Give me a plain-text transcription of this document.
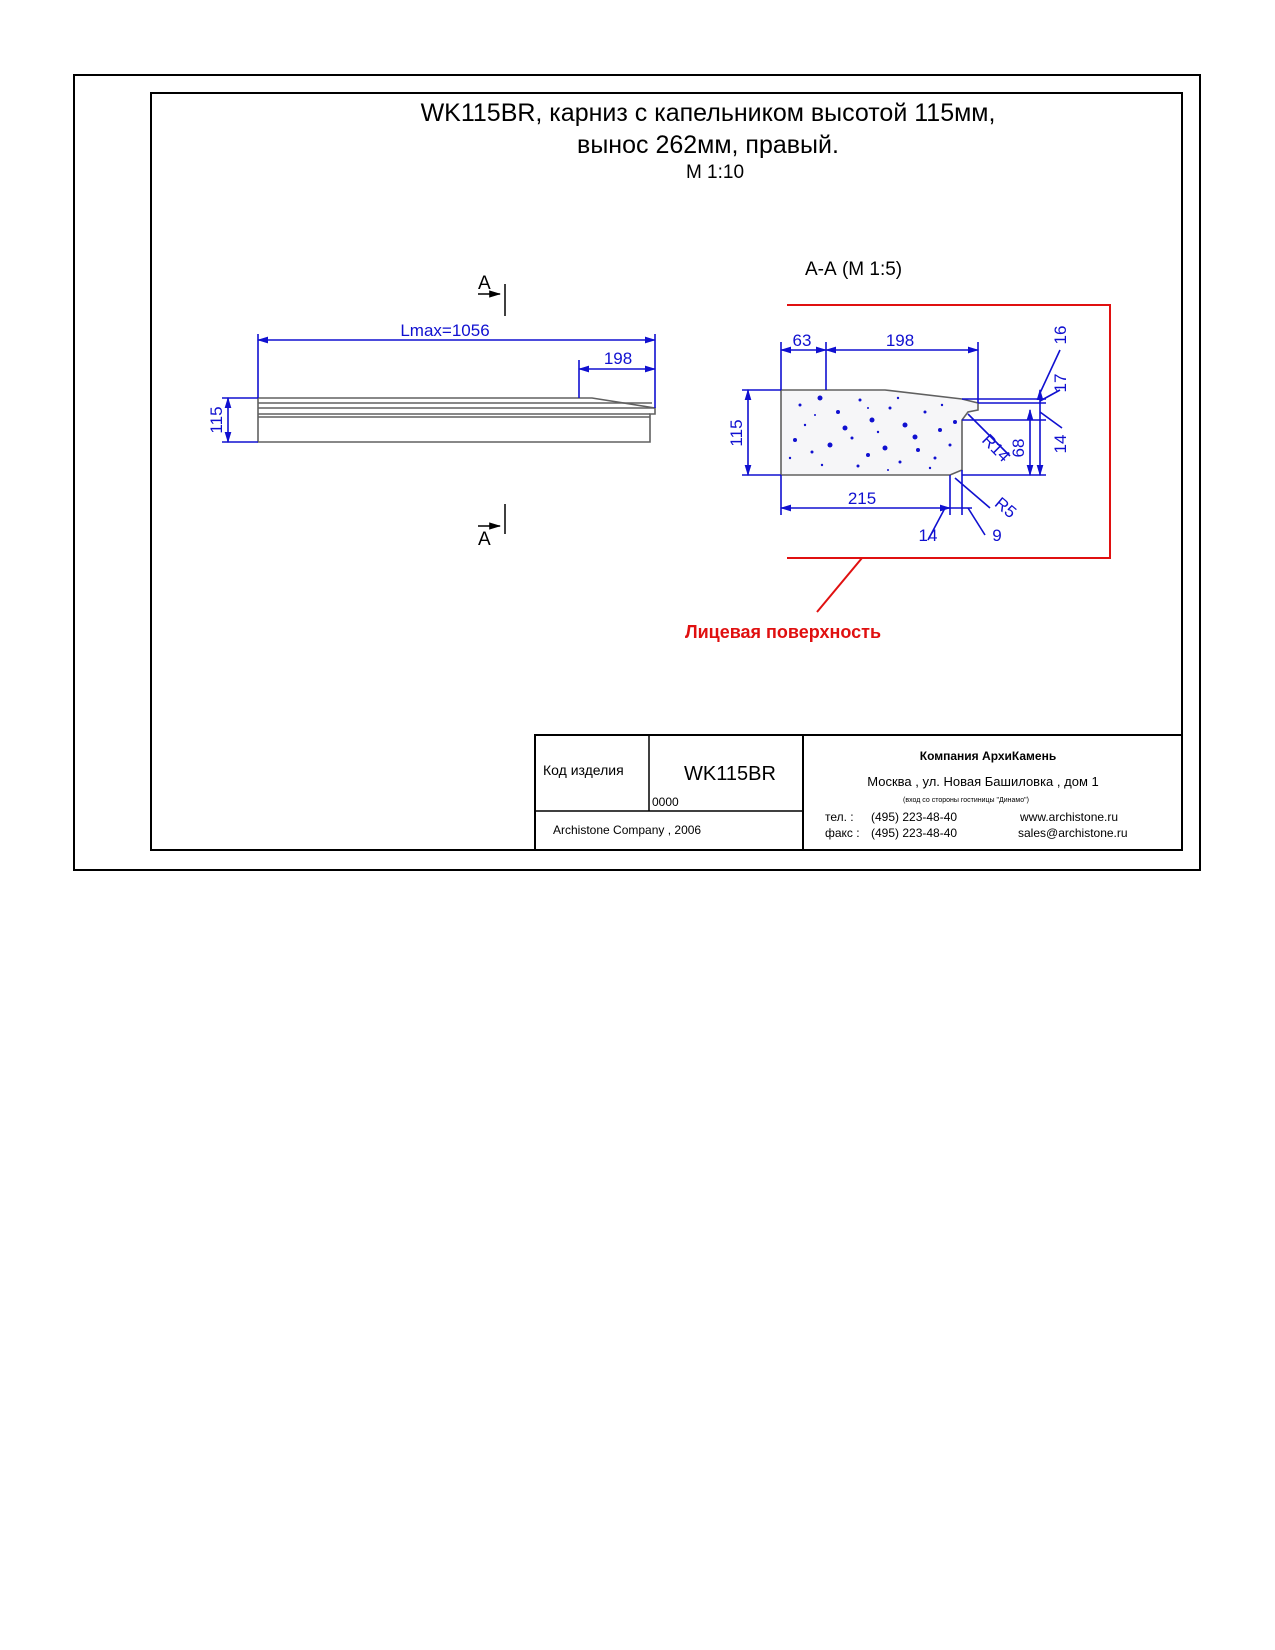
WK115BR, карниз с капельником высотой 115мм,
вынос 262мм, правый.
М 1:10
А
А
Lmax=1056
198
115
А-А (М 1:5)
Лицевая поверхность
63	198	16
17
14
68
R14
115
215
14	9
R5
Код изделия	WK115BR
0000
Archistone Company , 2006
Компания АрхиКамень
Москва , ул. Новая Башиловка , дом 1
(вход со стороны гостиницы "Динамо")
тел. : (495) 223-48-40
факс : (495) 223-48-40
www.archistone.ru
sales@archistone.ru
